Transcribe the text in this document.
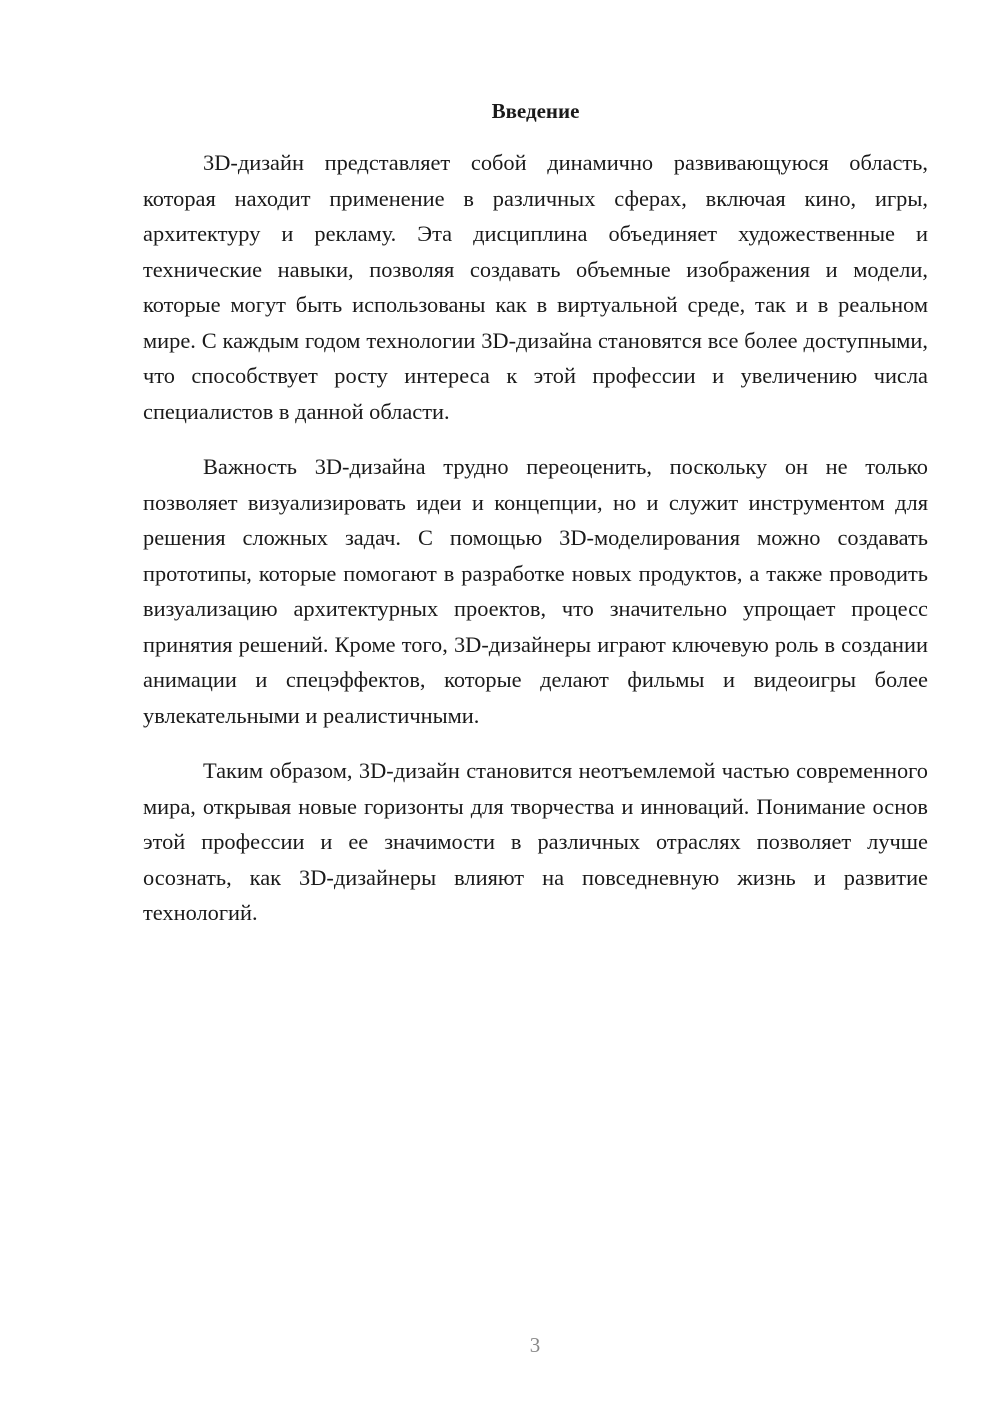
Введение

3D-дизайн представляет собой динамично развивающуюся область, которая находит применение в различных сферах, включая кино, игры, архитектуру и рекламу. Эта дисциплина объединяет художественные и технические навыки, позволяя создавать объемные изображения и модели, которые могут быть использованы как в виртуальной среде, так и в реальном мире. С каждым годом технологии 3D-дизайна становятся все более доступными, что способствует росту интереса к этой профессии и увеличению числа специалистов в данной области.

Важность 3D-дизайна трудно переоценить, поскольку он не только позволяет визуализировать идеи и концепции, но и служит инструментом для решения сложных задач. С помощью 3D-моделирования можно создавать прототипы, которые помогают в разработке новых продуктов, а также проводить визуализацию архитектурных проектов, что значительно упрощает процесс принятия решений. Кроме того, 3D-дизайнеры играют ключевую роль в создании анимации и спецэффектов, которые делают фильмы и видеоигры более увлекательными и реалистичными.

Таким образом, 3D-дизайн становится неотъемлемой частью современного мира, открывая новые горизонты для творчества и инноваций. Понимание основ этой профессии и ее значимости в различных отраслях позволяет лучше осознать, как 3D-дизайнеры влияют на повседневную жизнь и развитие технологий.

3
